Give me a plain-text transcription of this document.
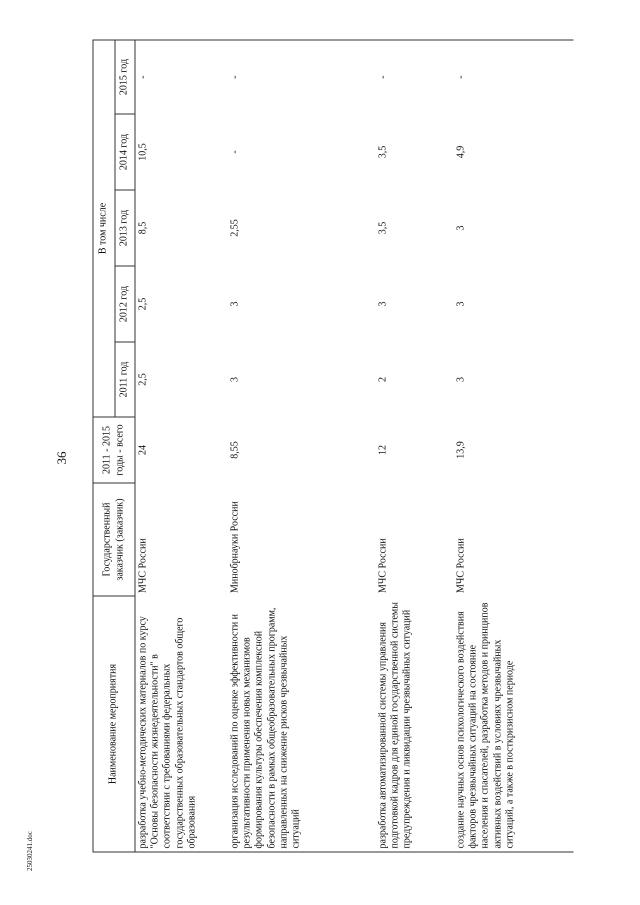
36
Наименование мероприятия	Государственный заказчик (заказчик)	2011 - 2015 годы - всего	В том числе				
			2011 год	2012 год	2013 год	2014 год	2015 год
разработка учебно-методических материалов по курсу "Основы безопасности жизнедеятельности" в соответствии с требованиями федеральных государственных образовательных стандартов общего образования	МЧС России	24	2,5	2,5	8,5	10,5	-
организация исследований по оценке эффективности и результативности применения новых механизмов формирования культуры обеспечения комплексной безопасности в рамках общеобразовательных программ, направленных на снижение рисков чрезвычайных ситуаций	Минобрнауки России	8,55	3	3	2,55	-	-
разработка автоматизированной системы управления подготовкой кадров для единой государственной системы предупреждения и ликвидации чрезвычайных ситуаций	МЧС России	12	2	3	3,5	3,5	-
создание научных основ психологического воздействия факторов чрезвычайных ситуаций на состояние населения и спасателей, разработка методов и принципов активных воздействий в условиях чрезвычайных ситуаций, а также в посткризисном периоде	МЧС России	13,9	3	3	3	4,9	-
25030241.doc
